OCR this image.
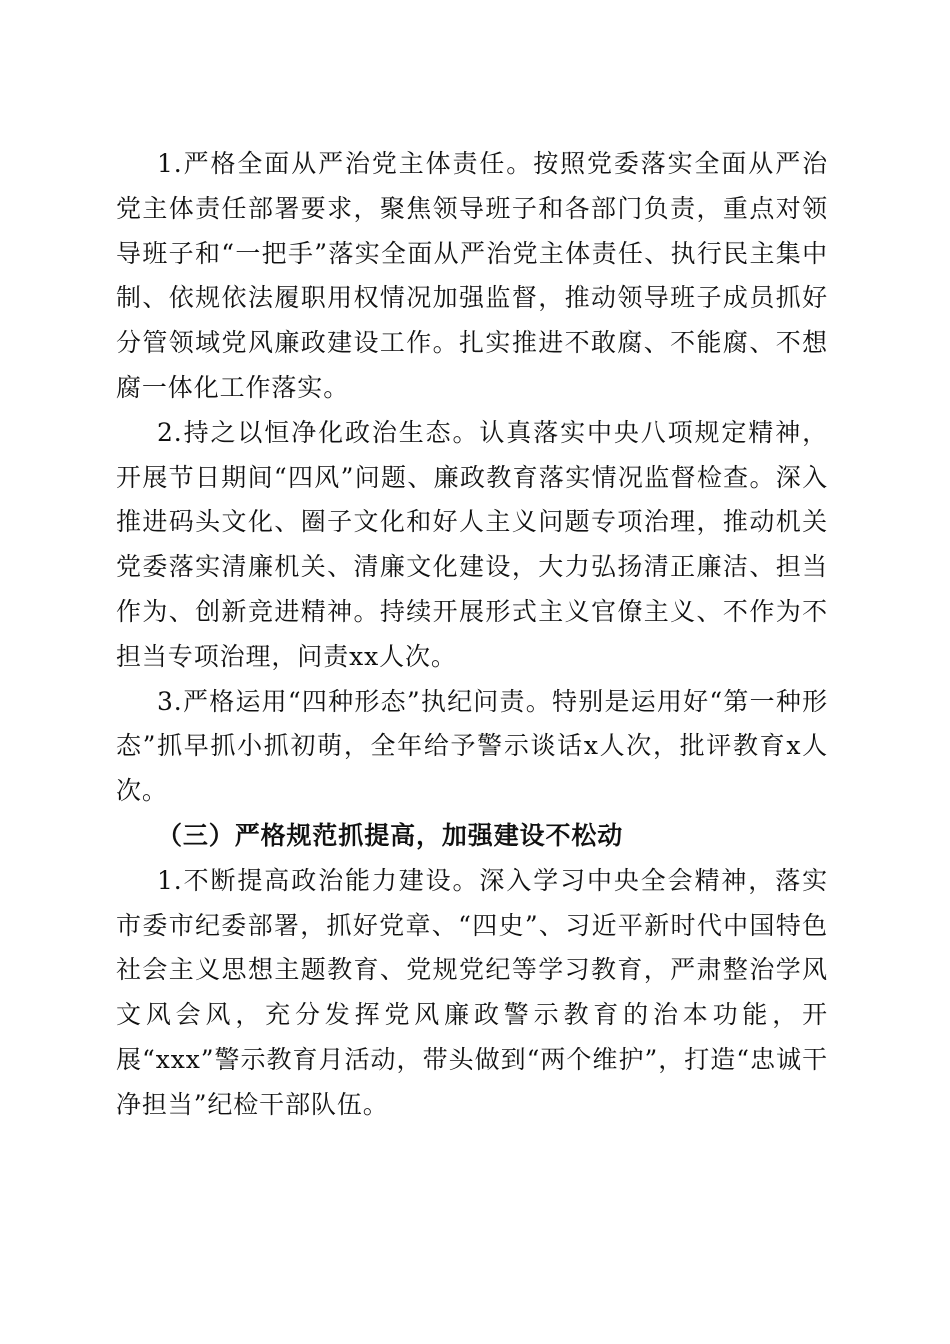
1.严格全面从严治党主体责任。按照党委落实全面从严治党主体责任部署要求，聚焦领导班子和各部门负责，重点对领导班子和“一把手”落实全面从严治党主体责任、执行民主集中制、依规依法履职用权情况加强监督，推动领导班子成员抓好分管领域党风廉政建设工作。扎实推进不敢腐、不能腐、不想腐一体化工作落实。

2.持之以恒净化政治生态。认真落实中央八项规定精神，开展节日期间“四风”问题、廉政教育落实情况监督检查。深入推进码头文化、圈子文化和好人主义问题专项治理，推动机关党委落实清廉机关、清廉文化建设，大力弘扬清正廉洁、担当作为、创新竞进精神。持续开展形式主义官僚主义、不作为不担当专项治理，问责xx人次。

3.严格运用“四种形态”执纪问责。特别是运用好“第一种形态”抓早抓小抓初萌，全年给予警示谈话x人次，批评教育x人次。

（三）严格规范抓提高，加强建设不松动

1.不断提高政治能力建设。深入学习中央全会精神，落实市委市纪委部署，抓好党章、“四史”、习近平新时代中国特色社会主义思想主题教育、党规党纪等学习教育，严肃整治学风文风会风，充分发挥党风廉政警示教育的治本功能，开展“xxx”警示教育月活动，带头做到“两个维护”，打造“忠诚干净担当”纪检干部队伍。
